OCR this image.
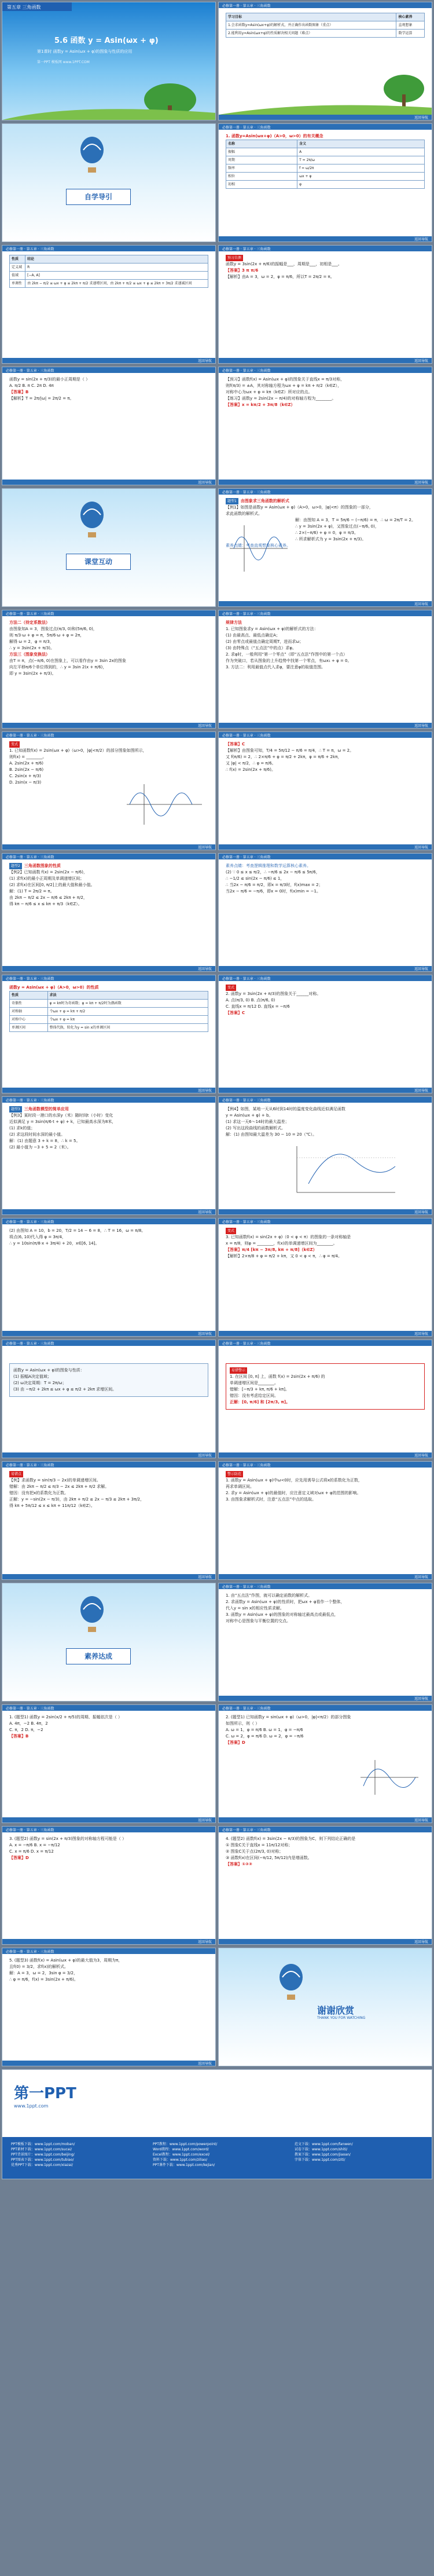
第五章 三角函数
5.6 函数 y = Asin(ωx + φ)
第1课时 函数y = Asin(ωx + φ)的图象与性质的应用
第一PPT 模板网 www.1PPT.COM
必修第一册 · 第五章 · 三角函数
学习目标	核心素养
1.会求函数y=Asin(ωx+φ)的解析式，并正确作出函数图象（重点）	直观想象
2.能利用y=Asin(ωx+φ)的性质解决相关问题（难点）	数学运算
返回导航
自学导引
必修第一册 · 第五章 · 三角函数
1. 函数y=Asin(ωx+φ)（A>0，ω>0）的有关概念
名称	含义
振幅	A
周期	T = 2π/ω
频率	f = ω/2π
相位	ωx + φ
初相	φ
返回导航
必修第一册 · 第五章 · 三角函数
性质	结论
定义域	R
值域	[−A, A]
单调性	由 2kπ − π/2 ≤ ωx + φ ≤ 2kπ + π/2 求递增区间，由 2kπ + π/2 ≤ ωx + φ ≤ 2kπ + 3π/2 求递减区间
返回导航
必修第一册 · 第五章 · 三角函数
预习自测
函数y = 3sin(2x + π/6)的振幅是___，周期是___，初相是___。
【答案】3 π π/6
【解析】由A = 3，ω = 2，φ = π/6，所以T = 2π/2 = π。
返回导航
必修第一册 · 第五章 · 三角函数
函数y = sin(2x + π/3)的最小正周期是（ ）
A. π/2 B. π C. 2π D. 4π
【答案】B
【解析】T = 2π/|ω| = 2π/2 = π。
返回导航
必修第一册 · 第五章 · 三角函数
【预习】函数f(x) = Asin(ωx + φ)的图象关于直线x = π/3对称，
则f(π/3) = ±A，其对称轴方程为ωx + φ = kπ + π/2（k∈Z），
对称中心为ωx + φ = kπ（k∈Z）所对应的点。
【练习】函数y = 2sin(2x − π/4)的对称轴方程为________。
【答案】x = kπ/2 + 3π/8（k∈Z）
返回导航
课堂互动
必修第一册 · 第五章 · 三角函数
题型1 由图象求三角函数的解析式
【例1】如图是函数y = Asin(ωx + φ)（A>0，ω>0，|φ|<π）的图象的一部分，
求此函数的解析式。
解：由图知 A = 3，T = 5π/6 − (−π/6) = π，∴ ω = 2π/T = 2。
∴ y = 3sin(2x + φ)，又图象过点(−π/6, 0)，
∴ 2×(−π/6) + φ = 0，φ = π/3。
∴ 所求解析式为 y = 3sin(2x + π/3)。
素养点睛：考查直观想象核心素养。
返回导航
必修第一册 · 第五章 · 三角函数
方法二（待定系数法）
由图象知A = 3，图象过点(π/3, 0)和(5π/6, 0)，
则 π/3·ω + φ = π，5π/6·ω + φ = 2π，
解得 ω = 2，φ = π/3，
∴ y = 3sin(2x + π/3)。
方法三（图象变换法）
由T = π，点(−π/6, 0)在图象上，可以看作由y = 3sin 2x的图象
向左平移π/6个单位得到的，∴ y = 3sin 2(x + π/6)，
即 y = 3sin(2x + π/3)。
返回导航
必修第一册 · 第五章 · 三角函数
规律方法
1. 已知图象求y = Asin(ωx + φ)的解析式的方法：
(1) 由最高点、最低点确定A；
(2) 由零点或最值点确定周期T，进而求ω；
(3) 由特殊点（“五点法”中的点）求φ。
2. 求φ时，一般利用“第一个零点”（即“五点法”作图中的第一个点）
作为突破口，若从图象的上升趋势中找第一个零点，有ωx₁ + φ = 0。
3. 方法二：利用最值点代入求φ，要注意φ的取值范围。
返回导航
必修第一册 · 第五章 · 三角函数
变式
1. 已知函数f(x) = 2sin(ωx + φ)（ω>0，|φ|<π/2）的部分图象如图所示，
则f(x) = ________。
A. 2sin(2x + π/6)
B. 2sin(2x − π/6)
C. 2sin(x + π/3)
D. 2sin(x − π/3)
返回导航
必修第一册 · 第五章 · 三角函数
【答案】C
【解析】由图象可知，T/4 = 5π/12 − π/6 = π/4，∴ T = π，ω = 2。
又 f(π/6) = 2，∴ 2×π/6 + φ = π/2 + 2kπ，φ = π/6 + 2kπ，
又 |φ| < π/2，∴ φ = π/6。
∴ f(x) = 2sin(2x + π/6)。
返回导航
必修第一册 · 第五章 · 三角函数
题型2 三角函数图象的性质
【例2】已知函数 f(x) = 2sin(2x − π/6)，
(1) 求f(x)的最小正周期及单调递增区间；
(2) 求f(x)在区间[0, π/2]上的最大值和最小值。
解：(1) T = 2π/2 = π。
由 2kπ − π/2 ≤ 2x − π/6 ≤ 2kπ + π/2，
得 kπ − π/6 ≤ x ≤ kπ + π/3（k∈Z）。
返回导航
必修第一册 · 第五章 · 三角函数
素养点睛：考查逻辑推理和数学运算核心素养。
(2) ∵ 0 ≤ x ≤ π/2，∴ −π/6 ≤ 2x − π/6 ≤ 5π/6，
∴ −1/2 ≤ sin(2x − π/6) ≤ 1，
∴ 当2x − π/6 = π/2，即x = π/3时，f(x)max = 2；
当2x − π/6 = −π/6，即x = 0时，f(x)min = −1。
返回导航
必修第一册 · 第五章 · 三角函数
函数y = Asin(ωx + φ)（A>0，ω>0）的性质
性质	求法
奇偶性	φ = kπ时为奇函数；φ = kπ + π/2时为偶函数
对称轴	令ωx + φ = kπ + π/2
对称中心	令ωx + φ = kπ
单调区间	整体代换，转化为y = sin x的单调区间
返回导航
必修第一册 · 第五章 · 三角函数
变式
2. 函数y = 3sin(2x + π/3)的图象关于______对称。
A. 点(π/3, 0) B. 点(π/6, 0)
C. 直线x = π/12 D. 直线x = −π/6
【答案】C
返回导航
必修第一册 · 第五章 · 三角函数
题型3 三角函数模型的简单应用
【例3】某时段一港口的水深y（米）随时间t（小时）变化
近似满足 y = 3sin(π/6·t + φ) + k，已知最高水深为8米，
(1) 求k的值；
(2) 求这段时间水深的最小值。
解：(1) 由题意 3 + k = 8，∴ k = 5。
(2) 最小值为 −3 + 5 = 2（米）。
返回导航
必修第一册 · 第五章 · 三角函数
【例4】如图，某地一天从6时到14时的温度变化曲线近似满足函数
y = Asin(ωx + φ) + b。
(1) 求这一天6～14时的最大温差；
(2) 写出这段曲线的函数解析式。
解：(1) 由图知最大温差为 30 − 10 = 20（℃）。
返回导航
必修第一册 · 第五章 · 三角函数
(2) 由图知 A = 10，b = 20，T/2 = 14 − 6 = 8，∴ T = 16，ω = π/8。
将点(6, 10)代入得 φ = 3π/4，
∴ y = 10sin(π/8·x + 3π/4) + 20，x∈[6, 14]。
返回导航
必修第一册 · 第五章 · 三角函数
变式
3. 已知函数f(x) = sin(2x + φ)（0 < φ < π）的图象的一条对称轴是
x = π/8，则φ = ________，f(x)的单调递增区间为________。
【答案】π/4 [kπ − 3π/8, kπ + π/8]（k∈Z）
【解析】2×π/8 + φ = π/2 + kπ，又 0 < φ < π，∴ φ = π/4。
返回导航
必修第一册 · 第五章 · 三角函数
函数y = Asin(ωx + φ)的图象与性质：
(1) 振幅A决定值域；
(2) ω决定周期：T = 2π/ω；
(3) 由 −π/2 + 2kπ ≤ ωx + φ ≤ π/2 + 2kπ 求增区间。
返回导航
必修第一册 · 第五章 · 三角函数
易错警示
1. 在区间 [0, π] 上，函数 f(x) = 2sin(2x + π/6) 的
单调递增区间是________。
错解：[−π/3 + kπ, π/6 + kπ]。
错因：没有考虑给定区间。
正解：[0, π/6] 和 [2π/3, π]。
返回导航
必修第一册 · 第五章 · 三角函数
易错点
【例】求函数y = sin(π/3 − 2x)的单调递增区间。
错解：由 2kπ − π/2 ≤ π/3 − 2x ≤ 2kπ + π/2 求解。
错因：没有把x的系数化为正数。
正解：y = −sin(2x − π/3)，由 2kπ + π/2 ≤ 2x − π/3 ≤ 2kπ + 3π/2，
得 kπ + 5π/12 ≤ x ≤ kπ + 11π/12（k∈Z）。
返回导航
必修第一册 · 第五章 · 三角函数
警示防范
1. 函数y = Asin(ωx + φ)中ω<0时，应先用诱导公式将x的系数化为正数，
再求单调区间。
2. 求y = Asin(ωx + φ)的最值时，应注意定义域对ωx + φ的范围的影响。
3. 由图象求解析式时，注意“五点法”中点的选取。
返回导航
素养达成
必修第一册 · 第五章 · 三角函数
1. 由“五点法”作图，就可以确定函数的解析式。
2. 求函数y = Asin(ωx + φ)的性质时，把ωx + φ看作一个整体，
代入y = sin x的相应性质求解。
3. 函数y = Asin(ωx + φ)的图象的对称轴过最高点或最低点，
对称中心是图象与平衡位置的交点。
返回导航
必修第一册 · 第五章 · 三角函数
1. (题型1) 函数y = 2sin(x/2 + π/5)的周期、振幅依次是（ ）
A. 4π，−2 B. 4π，2
C. π，2 D. π，−2
【答案】B
返回导航
必修第一册 · 第五章 · 三角函数
2. (题型1) 已知函数y = sin(ωx + φ)（ω>0，|φ|<π/2）的部分图象
如图所示，则（ ）
A. ω = 1，φ = π/6 B. ω = 1，φ = −π/6
C. ω = 2，φ = π/6 D. ω = 2，φ = −π/6
【答案】D
返回导航
必修第一册 · 第五章 · 三角函数
3. (题型2) 函数y = sin(2x + π/3)图象的对称轴方程可能是（ ）
A. x = −π/6 B. x = −π/12
C. x = π/6 D. x = π/12
【答案】D
返回导航
必修第一册 · 第五章 · 三角函数
4. (题型2) 函数f(x) = 3sin(2x − π/3)的图象为C，则下列结论正确的是
① 图象C关于直线x = 11π/12对称；
② 图象C关于点(2π/3, 0)对称；
③ 函数f(x)在区间(−π/12, 5π/12)内是增函数。
【答案】①②③
返回导航
必修第一册 · 第五章 · 三角函数
5. (题型3) 函数f(x) = Asin(ωx + φ)的最大值为3，周期为π，
且f(0) = 3/2，求f(x)的解析式。
解：A = 3，ω = 2，3sin φ = 3/2，
∴ φ = π/6，f(x) = 3sin(2x + π/6)。
返回导航
谢谢欣赏
THANK YOU FOR WATCHING
第一PPT
www.1ppt.com
PPT模板下载：www.1ppt.com/moban/
PPT素材下载：www.1ppt.com/sucai/
PPT背景图片：www.1ppt.com/beijing/
PPT图表下载：www.1ppt.com/tubiao/
优秀PPT下载：www.1ppt.com/xiazai/
PPT教程：www.1ppt.com/powerpoint/
Word教程：www.1ppt.com/word/
Excel教程：www.1ppt.com/excel/
资料下载：www.1ppt.com/ziliao/
PPT课件下载：www.1ppt.com/kejian/
范文下载：www.1ppt.com/fanwen/
试卷下载：www.1ppt.com/shiti/
教案下载：www.1ppt.com/jiaoan/
字体下载：www.1ppt.com/ziti/
